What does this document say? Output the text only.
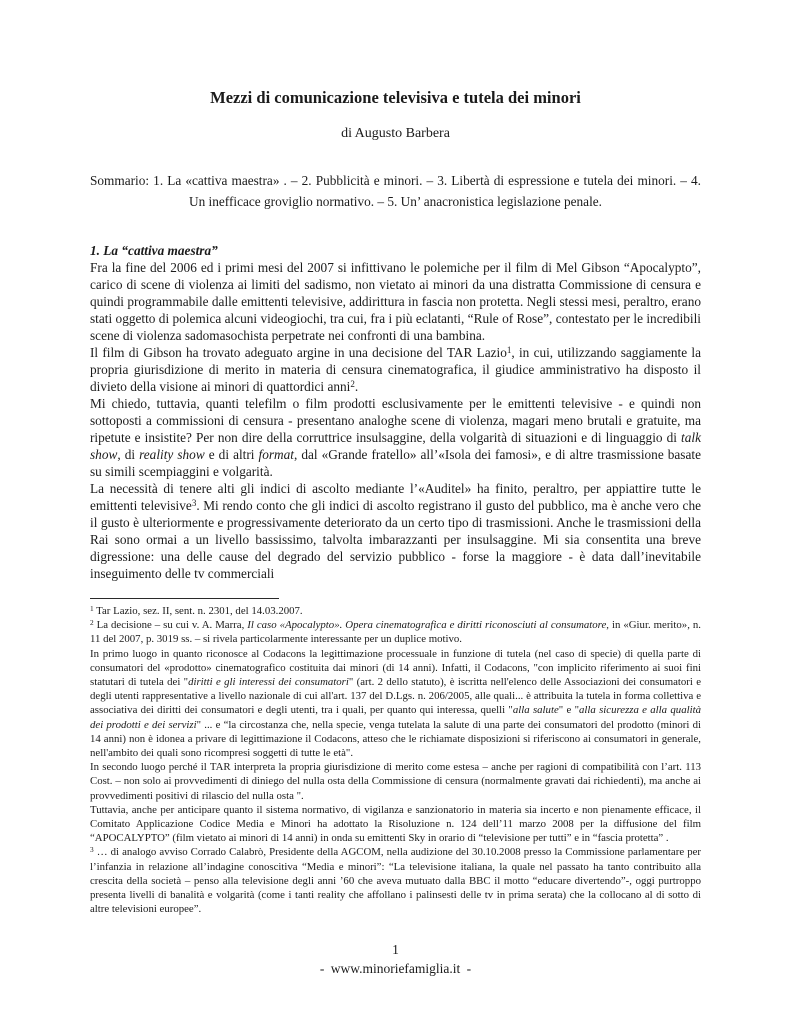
Mezzi di comunicazione televisiva e tutela dei minori
di Augusto Barbera
Sommario: 1. La «cattiva maestra» . – 2. Pubblicità e minori. – 3. Libertà di espressione e tutela dei minori. – 4. Un inefficace groviglio normativo. – 5. Un’ anacronistica legislazione penale.
1. La “cattiva maestra”

Fra la fine del 2006 ed i primi mesi del 2007 si infittivano le polemiche per il film di Mel Gibson “Apocalypto”, carico di scene di violenza ai limiti del sadismo, non vietato ai minori da una distratta Commissione di censura e quindi programmabile dalle emittenti televisive, addirittura in fascia non protetta. Negli stessi mesi, peraltro, erano stati oggetto di polemica alcuni videogiochi, tra cui, fra i più eclatanti, “Rule of Rose”, contestato per le incredibili scene di violenza sadomasochista perpetrate nei confronti di una bambina.

Il film di Gibson ha trovato adeguato argine in una decisione del TAR Lazio$^1$, in cui, utilizzando saggiamente la propria giurisdizione di merito in materia di censura cinematografica, il giudice amministrativo ha disposto il divieto della visione ai minori di quattordici anni$^2$.

Mi chiedo, tuttavia, quanti telefilm o film prodotti esclusivamente per le emittenti televisive - e quindi non sottoposti a commissioni di censura - presentano analoghe scene di violenza, magari meno brutali e gratuite, ma ripetute e insistite? Per non dire della corruttrice insulsaggine, della volgarità di situazioni e di linguaggio di talk show, di reality show e di altri format, dal «Grande fratello» all’«Isola dei famosi», e di altre trasmissione basate su simili scempiaggini e volgarità.

La necessità di tenere alti gli indici di ascolto mediante l’«Auditel» ha finito, peraltro, per appiattire tutte le emittenti televisive$^3$. Mi rendo conto che gli indici di ascolto registrano il gusto del pubblico, ma è anche vero che il gusto è ulteriormente e progressivamente deteriorato da un certo tipo di trasmissioni. Anche le trasmissioni della Rai sono ormai a un livello bassissimo, talvolta imbarazzanti per insulsaggine. Mi sia consentita una breve digressione: una delle cause del degrado del servizio pubblico - forse la maggiore - è data dall’inevitabile inseguimento delle tv commerciali

$^1$ Tar Lazio, sez. II, sent. n. 2301, del 14.03.2007.

$^2$ La decisione – su cui v. A. Marra, Il caso «Apocalypto». Opera cinematografica e diritti riconosciuti al consumatore, in «Giur. merito», n. 11 del 2007, p. 3019 ss. – si rivela particolarmente interessante per un duplice motivo.

In primo luogo in quanto riconosce al Codacons la legittimazione processuale in funzione di tutela (nel caso di specie) di quella parte di consumatori del «prodotto» cinematografico costituita dai minori (di 14 anni). Infatti, il Codacons, "con implicito riferimento ai suoi fini statutari di tutela dei "diritti e gli interessi dei consumatori" (art. 2 dello statuto), è iscritta nell'elenco delle Associazioni dei consumatori e degli utenti rappresentative a livello nazionale di cui all'art. 137 del D.Lgs. n. 206/2005, alle quali... è attribuita la tutela in forma collettiva e associativa dei diritti dei consumatori e degli utenti, tra i quali, per quanto qui interessa, quelli "alla salute" e "alla sicurezza e alla qualità dei prodotti e dei servizi" ... e “la circostanza che, nella specie, venga tutelata la salute di una parte dei consumatori del prodotto (minori di 14 anni) non è idonea a privare di legittimazione il Codacons, atteso che le richiamate disposizioni si riferiscono ai consumatori in generale, nell'ambito dei quali sono ricompresi soggetti di tutte le età".

In secondo luogo perché il TAR interpreta la propria giurisdizione di merito come estesa – anche per ragioni di compatibilità con l’art. 113 Cost. – non solo ai provvedimenti di diniego del nulla osta della Commissione di censura (normalmente gravati dai richiedenti), ma anche ai provvedimenti positivi di rilascio del nulla osta ".

Tuttavia, anche per anticipare quanto il sistema normativo, di vigilanza e sanzionatorio in materia sia incerto e non pienamente efficace, il Comitato Applicazione Codice Media e Minori ha adottato la Risoluzione n. 124 dell’11 marzo 2008 per la diffusione del film “APOCALYPTO” (film vietato ai minori di 14 anni) in onda su emittenti Sky in orario di “televisione per tutti” e in “fascia protetta” .

$^3$ … di analogo avviso Corrado Calabrò, Presidente della AGCOM, nella audizione del 30.10.2008 presso la Commissione parlamentare per l’infanzia in relazione all’indagine conoscitiva “Media e minori”: “La televisione italiana, la quale nel passato ha tanto contribuito alla crescita della società – penso alla televisione degli anni ’60 che aveva mutuato dalla BBC il motto “educare divertendo”-, oggi purtroppo presenta livelli di banalità e volgarità (come i tanti reality che affollano i palinsesti delle tv in prima serata) che la collocano al di sotto di altre televisioni europee”.

1
- www.minoriefamiglia.it -
